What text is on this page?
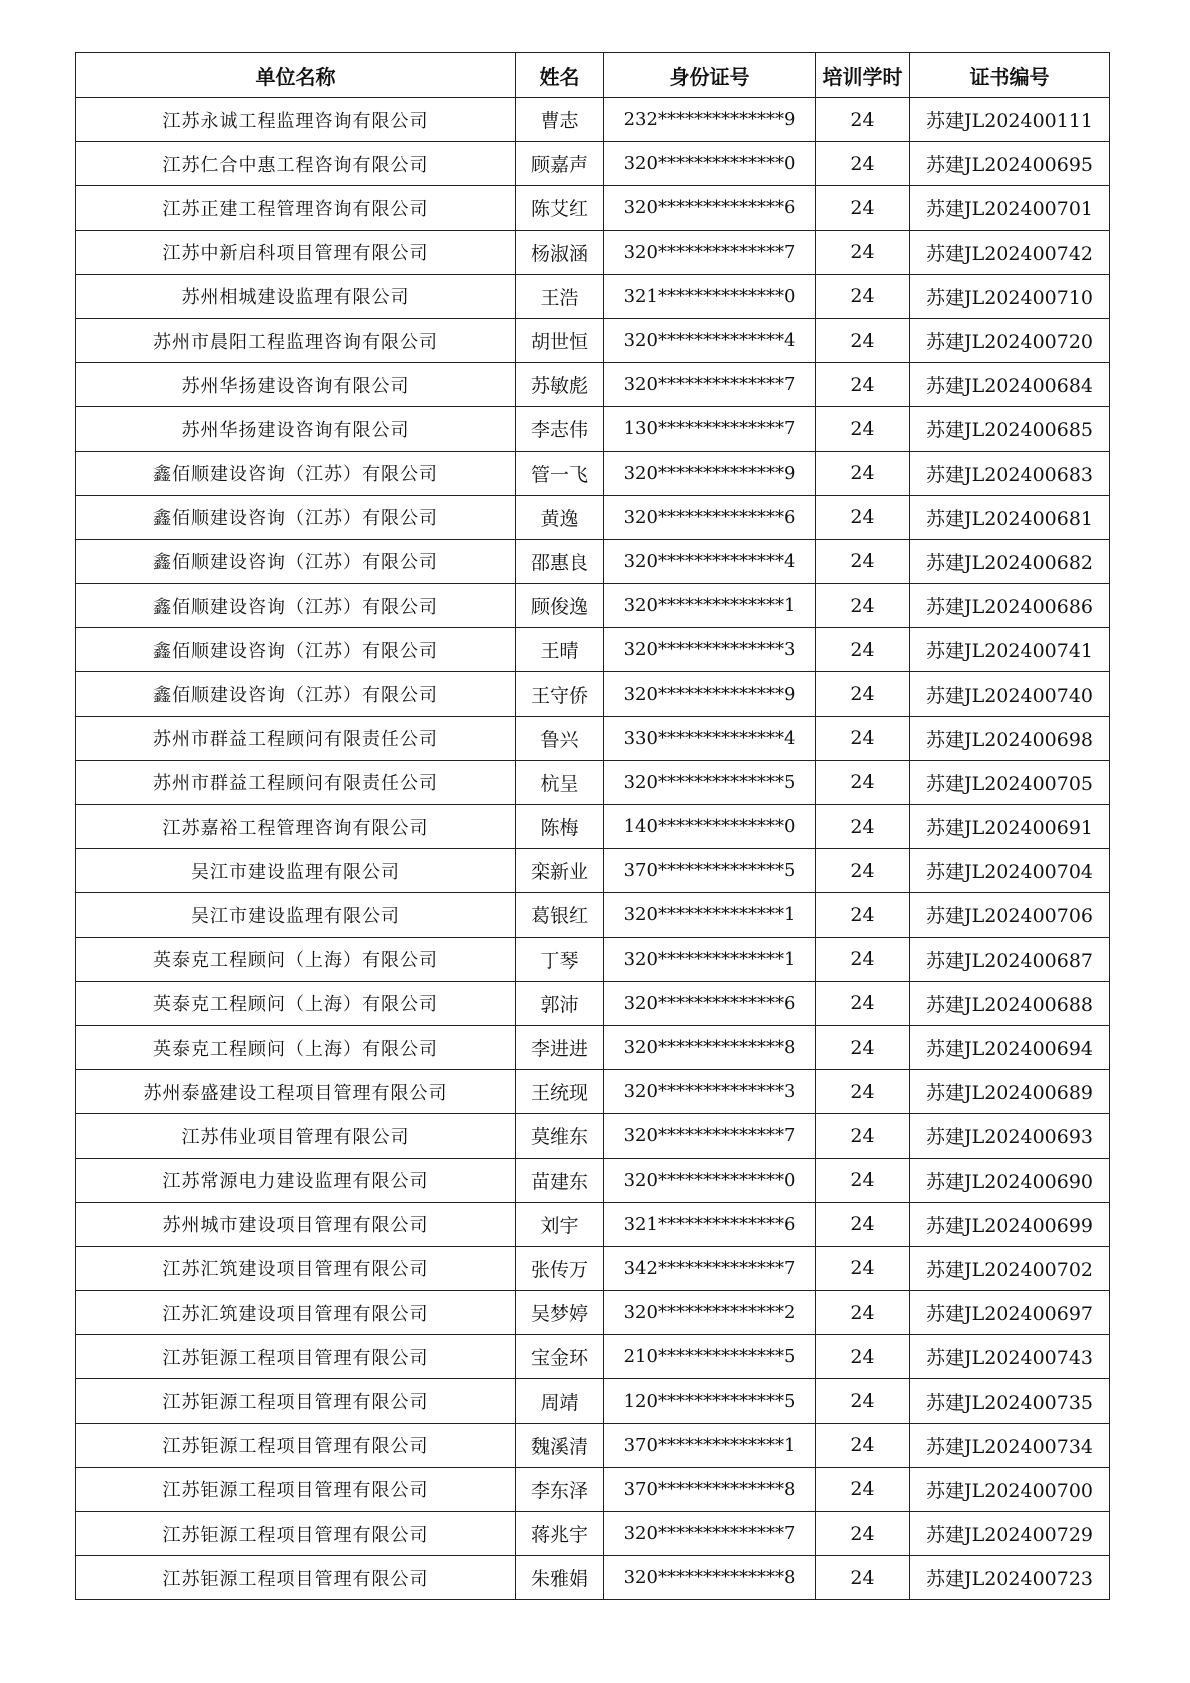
单位名称	姓名	身份证号	培训学时	证书编号
江苏永诚工程监理咨询有限公司	曹志	232**************9	24	苏建JL202400111
江苏仁合中惠工程咨询有限公司	顾嘉声	320**************0	24	苏建JL202400695
江苏正建工程管理咨询有限公司	陈艾红	320**************6	24	苏建JL202400701
江苏中新启科项目管理有限公司	杨淑涵	320**************7	24	苏建JL202400742
苏州相城建设监理有限公司	王浩	321**************0	24	苏建JL202400710
苏州市晨阳工程监理咨询有限公司	胡世恒	320**************4	24	苏建JL202400720
苏州华扬建设咨询有限公司	苏敏彪	320**************7	24	苏建JL202400684
苏州华扬建设咨询有限公司	李志伟	130**************7	24	苏建JL202400685
鑫佰顺建设咨询（江苏）有限公司	管一飞	320**************9	24	苏建JL202400683
鑫佰顺建设咨询（江苏）有限公司	黄逸	320**************6	24	苏建JL202400681
鑫佰顺建设咨询（江苏）有限公司	邵惠良	320**************4	24	苏建JL202400682
鑫佰顺建设咨询（江苏）有限公司	顾俊逸	320**************1	24	苏建JL202400686
鑫佰顺建设咨询（江苏）有限公司	王晴	320**************3	24	苏建JL202400741
鑫佰顺建设咨询（江苏）有限公司	王守侨	320**************9	24	苏建JL202400740
苏州市群益工程顾问有限责任公司	鲁兴	330**************4	24	苏建JL202400698
苏州市群益工程顾问有限责任公司	杭呈	320**************5	24	苏建JL202400705
江苏嘉裕工程管理咨询有限公司	陈梅	140**************0	24	苏建JL202400691
吴江市建设监理有限公司	栾新业	370**************5	24	苏建JL202400704
吴江市建设监理有限公司	葛银红	320**************1	24	苏建JL202400706
英泰克工程顾问（上海）有限公司	丁琴	320**************1	24	苏建JL202400687
英泰克工程顾问（上海）有限公司	郭沛	320**************6	24	苏建JL202400688
英泰克工程顾问（上海）有限公司	李进进	320**************8	24	苏建JL202400694
苏州泰盛建设工程项目管理有限公司	王统现	320**************3	24	苏建JL202400689
江苏伟业项目管理有限公司	莫维东	320**************7	24	苏建JL202400693
江苏常源电力建设监理有限公司	苗建东	320**************0	24	苏建JL202400690
苏州城市建设项目管理有限公司	刘宇	321**************6	24	苏建JL202400699
江苏汇筑建设项目管理有限公司	张传万	342**************7	24	苏建JL202400702
江苏汇筑建设项目管理有限公司	吴梦婷	320**************2	24	苏建JL202400697
江苏钜源工程项目管理有限公司	宝金环	210**************5	24	苏建JL202400743
江苏钜源工程项目管理有限公司	周靖	120**************5	24	苏建JL202400735
江苏钜源工程项目管理有限公司	魏溪清	370**************1	24	苏建JL202400734
江苏钜源工程项目管理有限公司	李东泽	370**************8	24	苏建JL202400700
江苏钜源工程项目管理有限公司	蒋兆宇	320**************7	24	苏建JL202400729
江苏钜源工程项目管理有限公司	朱雅娟	320**************8	24	苏建JL202400723
